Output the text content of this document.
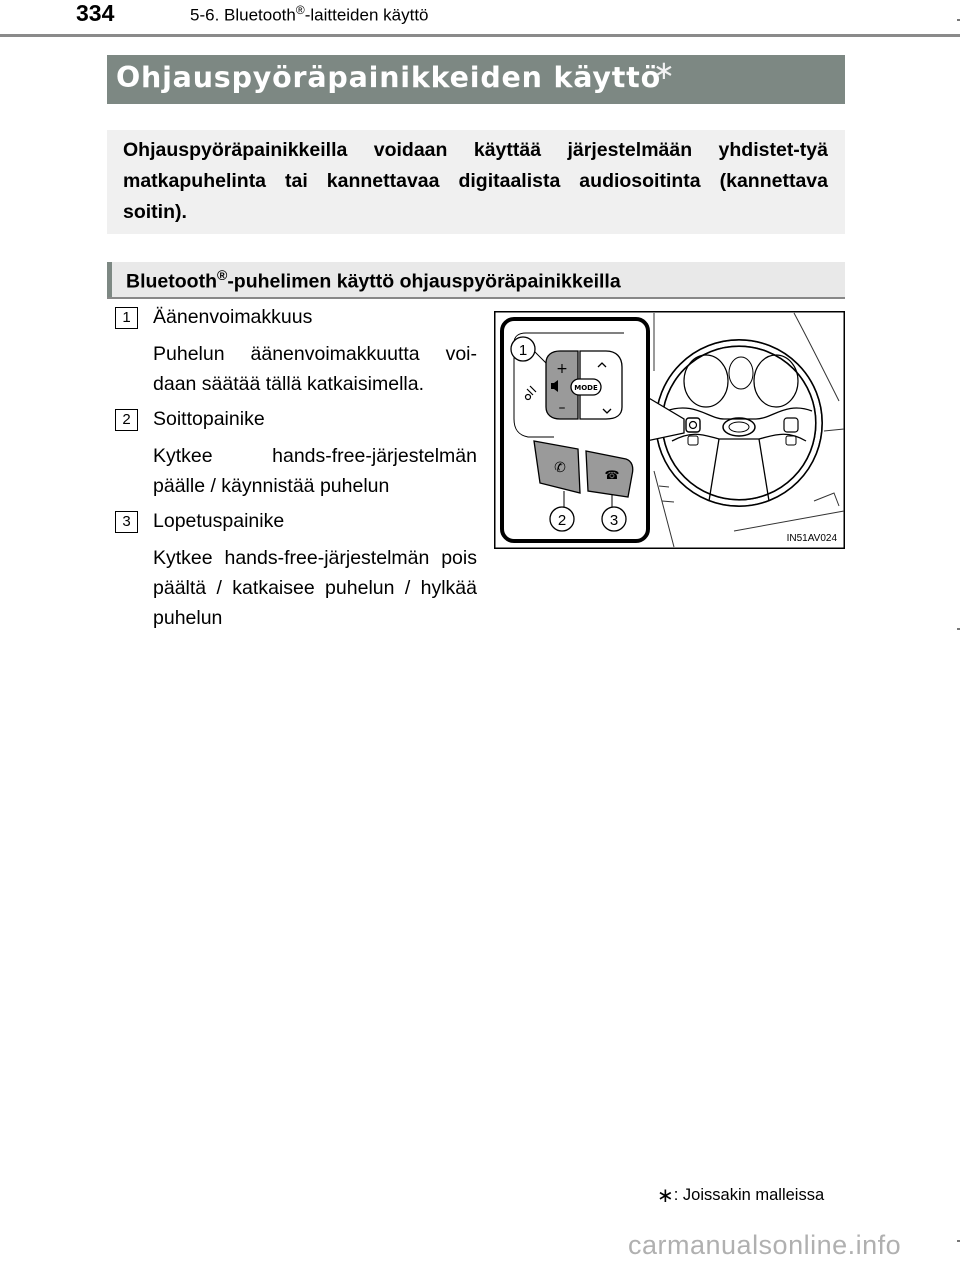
334	5-6. Bluetooth®-laitteiden käyttö
Ohjauspyöräpainikkeiden käyttö
∗
Ohjauspyöräpainikkeilla voidaan käyttää järjestelmään yhdistet-tyä matkapuhelinta tai kannettavaa digitaalista audiosoitinta (kannettava soitin).
Bluetooth®-puhelimen käyttö ohjauspyöräpainikkeilla
1	Äänenvoimakkuus
Puhelun äänenvoimakkuutta voi-daan säätää tällä katkaisimella.
2	Soittopainike
Kytkee hands-free-järjestelmän päälle / käynnistää puhelun
3	Lopetuspainike
Kytkee hands-free-järjestelmän pois päältä / katkaisee puhelun / hylkää puhelun
+
–
MODE
✆	☎
1
2	3
IN51AV024
∗: Joissakin malleissa
carmanualsonline.info
